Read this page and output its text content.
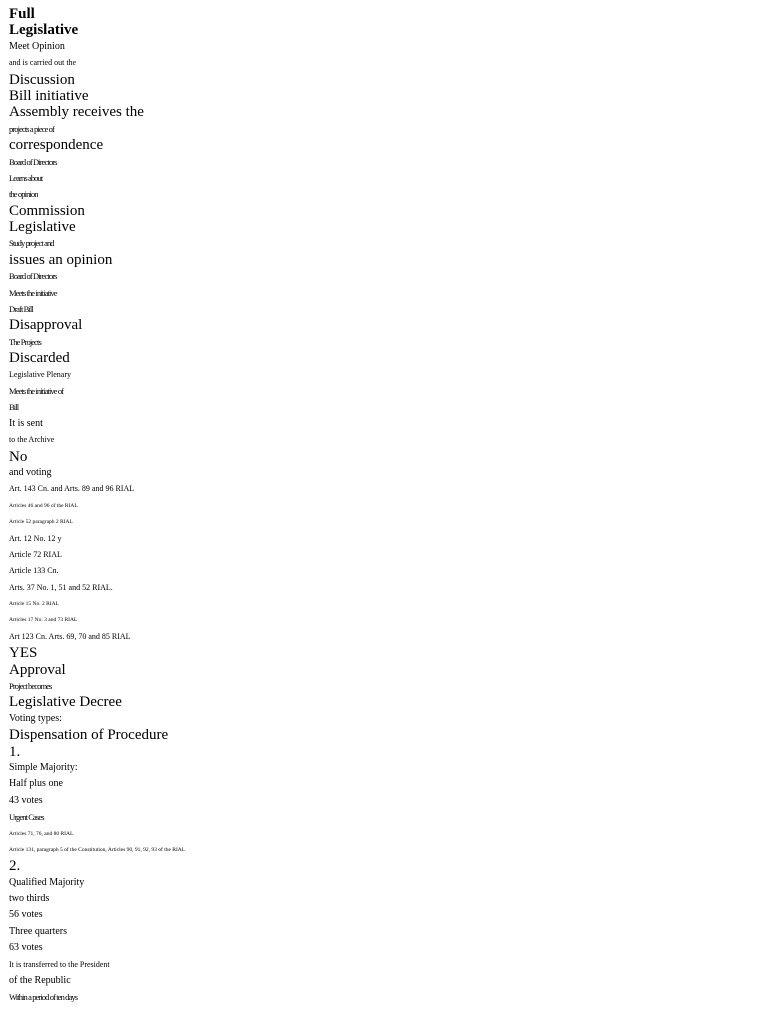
Full
Legislative
Meet Opinion
and is carried out the
Discussion
Bill initiative
Assembly receives the
projects a piece of
correspondence
Board of Directors
Learns about
the opinion
Commission
Legislative
Study project and
issues an opinion
Board of Directors
Meets the initiative
Draft Bill
Disapproval
The Projects
Discarded
Legislative Plenary
Meets the initiative of
Bill
It is sent
to the Archive
No
and voting
Art. 143 Cn. and Arts. 89 and 96 RIAL
Articles 46 and 96 of the RIAL
Article 52 paragraph 2 RIAL
Art. 12 No. 12 y
Article 72 RIAL
Article 133 Cn.
Arts. 37 No. 1, 51 and 52 RIAL.
Article 15 No. 2 RIAL
Articles 17 No. 3 and 73 RIAL
Art 123 Cn. Arts. 69, 70 and 85 RIAL
YES
Approval
Project becomes
Legislative Decree
Voting types:
Dispensation of Procedure
1.
Simple Majority:
Half plus one
43 votes
Urgent Cases
Articles 71, 76, and 80 RIAL
Article 131, paragraph 5 of the Constitution, Articles 90, 91, 92, 93 of the RIAL
2.
Qualified Majority
two thirds
56 votes
Three quarters
63 votes
It is transferred to the President
of the Republic
Within a period of ten days
